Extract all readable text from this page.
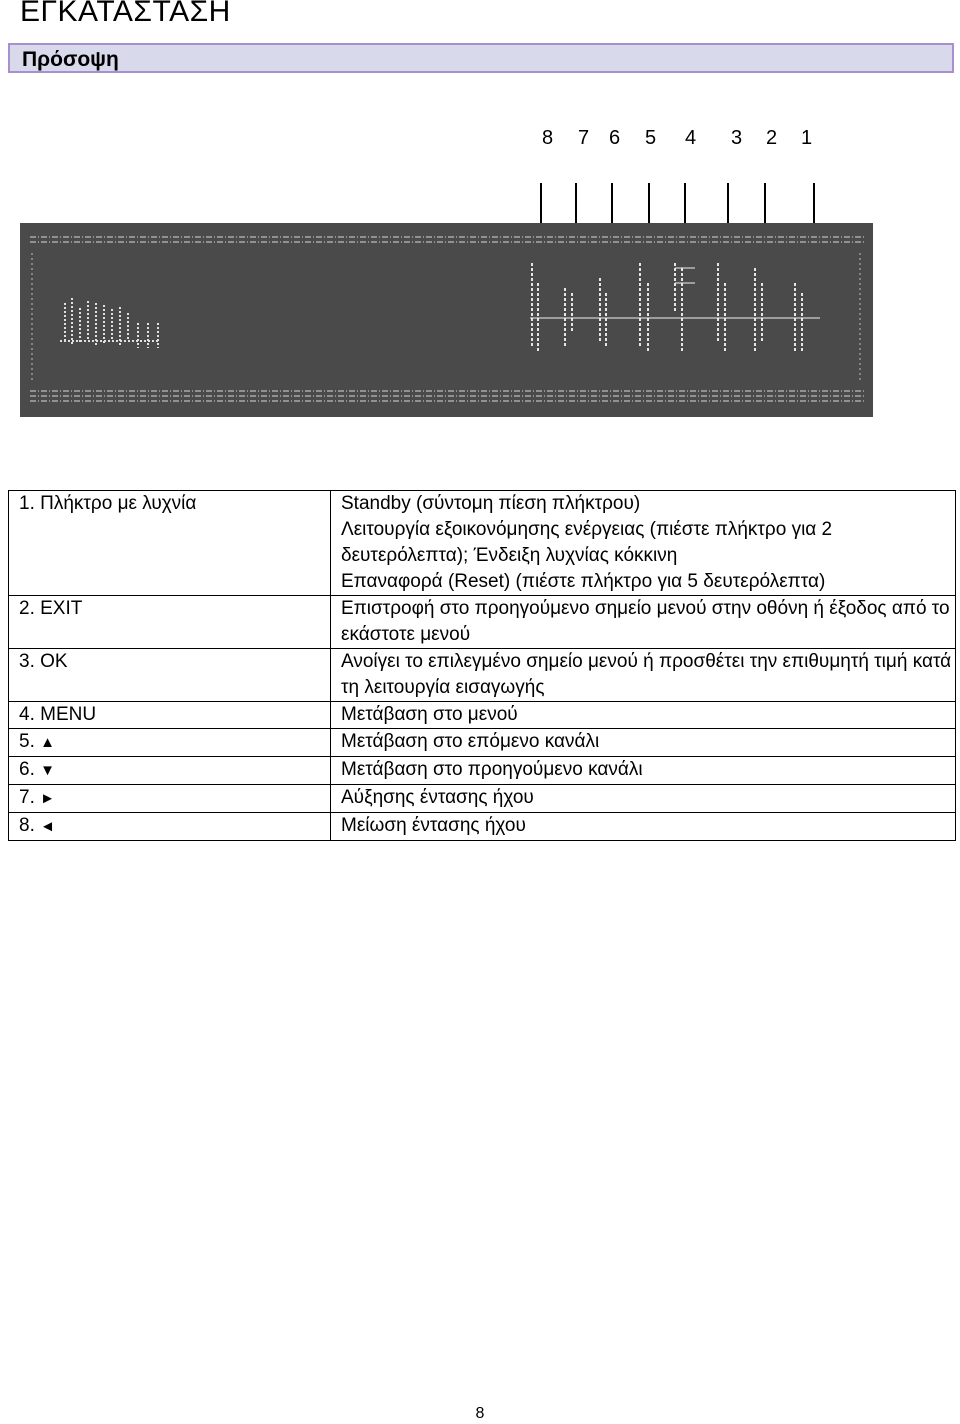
ΕΓΚΑΤΑΣΤΑΣΗ
Πρόσοψη
8 7 6 5 4 3 2 1
1. Πλήκτρο με λυχνία	Standby (σύντομη πίεση πλήκτρου)
Λειτουργία εξοικονόμησης ενέργειας (πιέστε πλήκτρο για 2 δευτερόλεπτα); Ένδειξη λυχνίας κόκκινη
Επαναφορά (Reset) (πιέστε πλήκτρο για 5 δευτερόλεπτα)

2. EXIT	Επιστροφή στο προηγούμενο σημείο μενού στην οθόνη ή έξοδος από το εκάστοτε μενού
3. OK	Ανοίγει το επιλεγμένο σημείο μενού ή προσθέτει την επιθυμητή τιμή κατά τη λειτουργία εισαγωγής
4. MENU	Μετάβαση στο μενού
5. ▲	Μετάβαση στο επόμενο κανάλι
6. ▼	Μετάβαση στο προηγούμενο κανάλι
7. ►	Αύξησης έντασης ήχου
8. ◄	Μείωση έντασης ήχου
8
